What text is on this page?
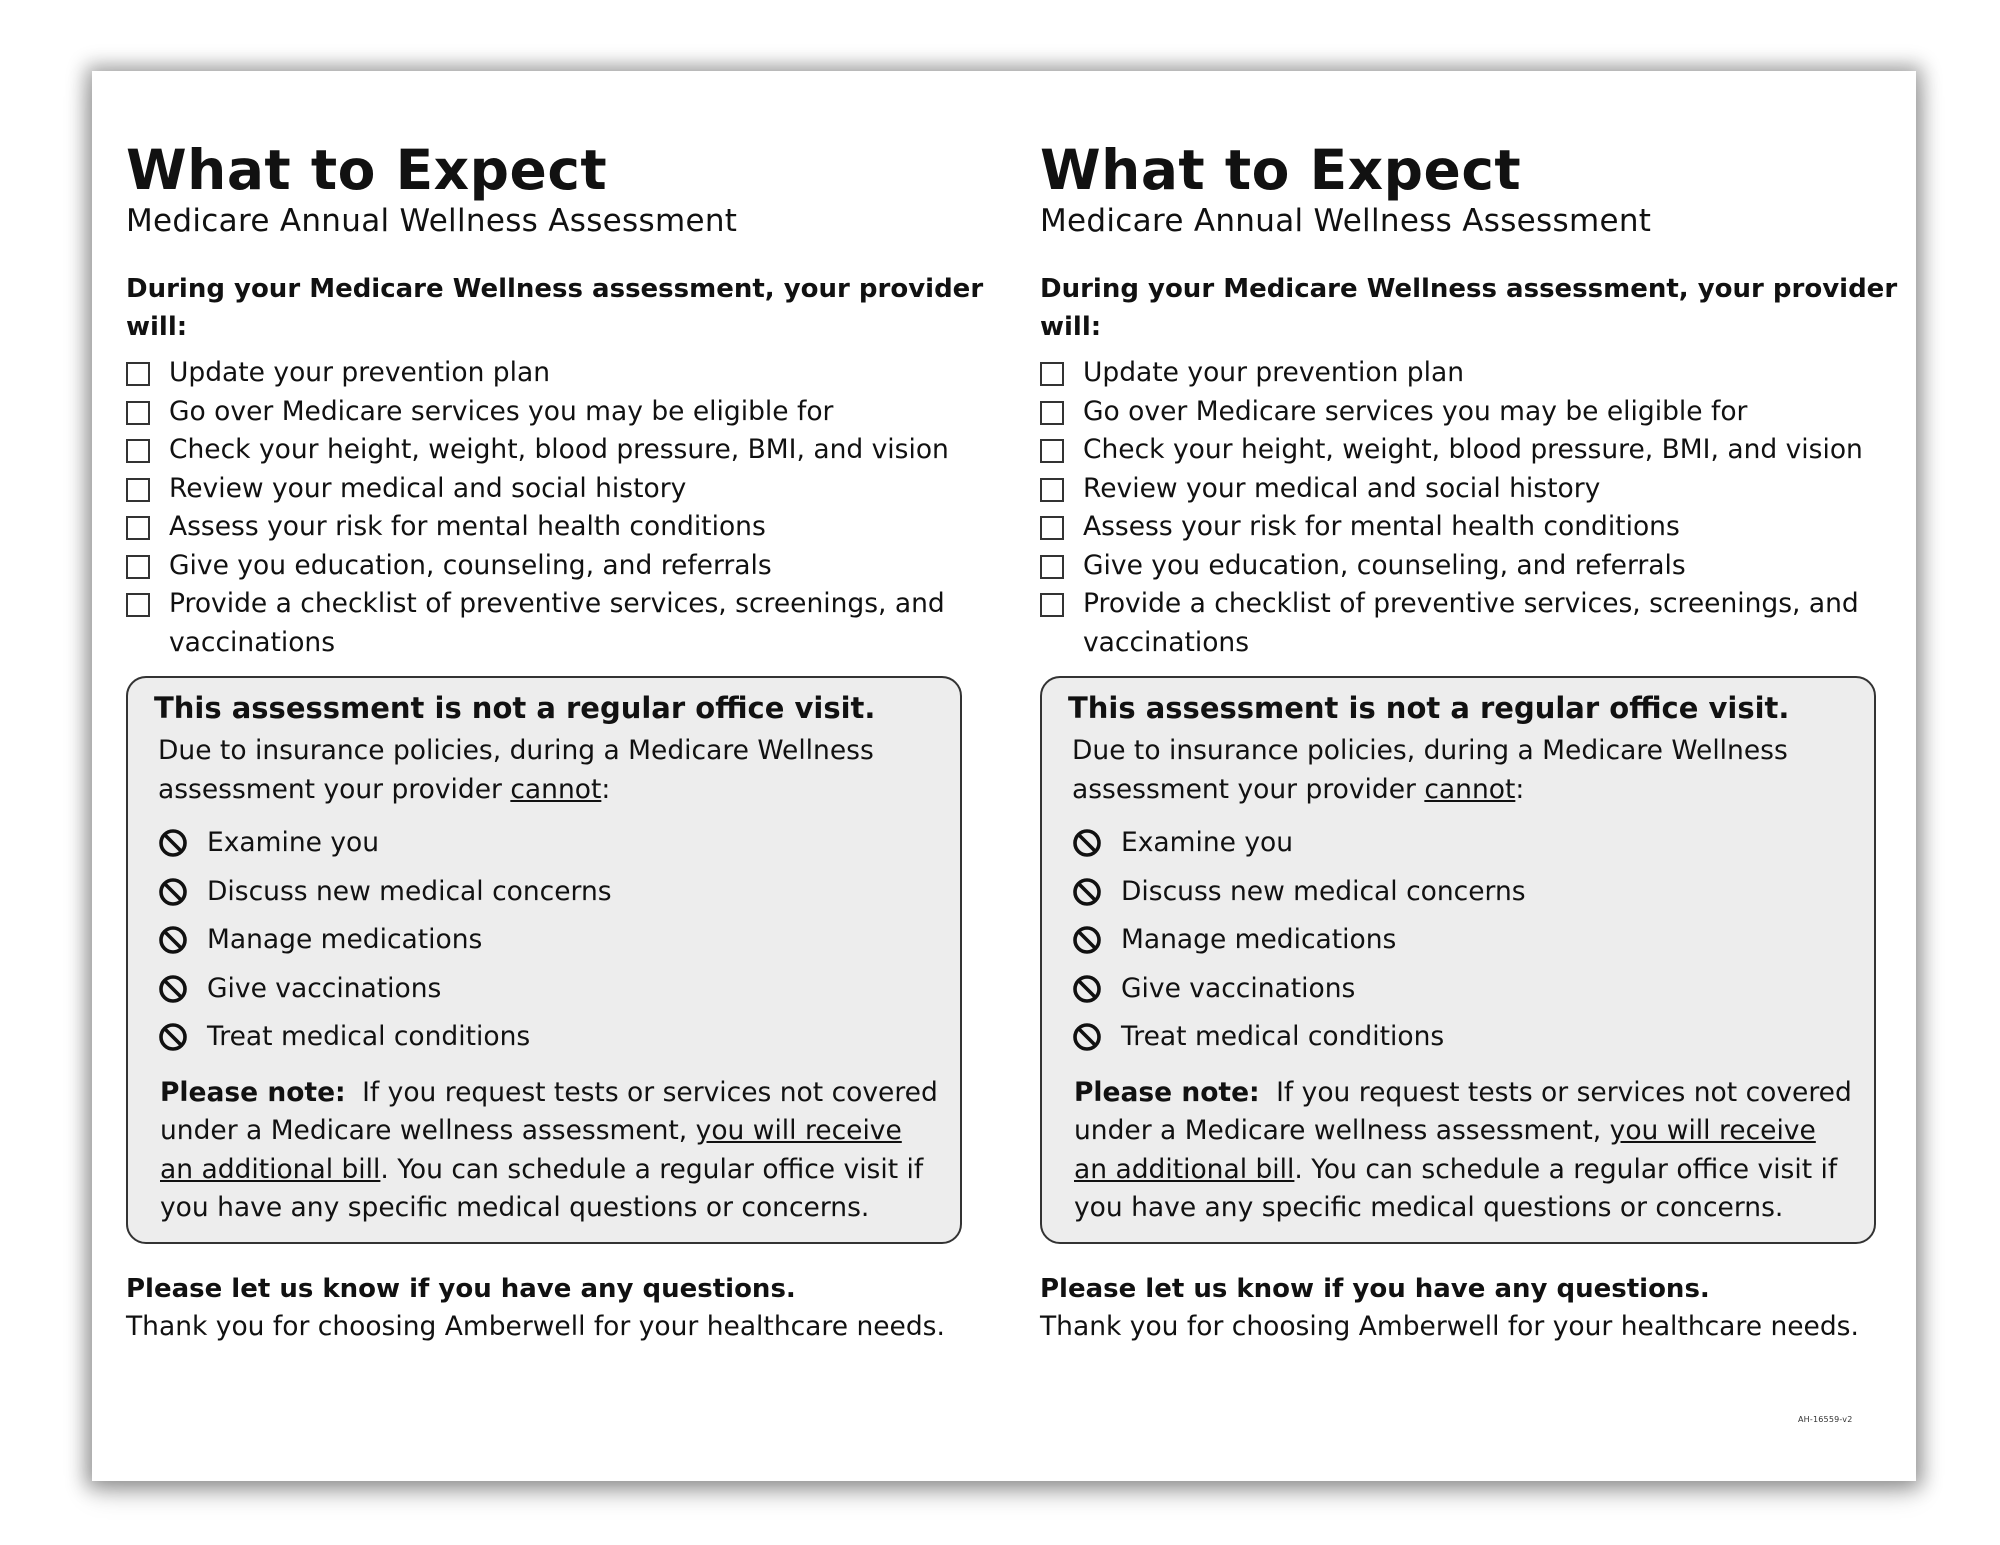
What to Expect

Medicare Annual Wellness Assessment

During your Medicare Wellness assessment, your provider will:

Update your prevention plan
Go over Medicare services you may be eligible for
Check your height, weight, blood pressure, BMI, and vision
Review your medical and social history
Assess your risk for mental health conditions
Give you education, counseling, and referrals
Provide a checklist of preventive services, screenings, and vaccinations

This assessment is not a regular office visit.

Due to insurance policies, during a Medicare Wellness assessment your provider cannot:

Examine you
Discuss new medical concerns
Manage medications
Give vaccinations
Treat medical conditions

Please note: If you request tests or services not covered under a Medicare wellness assessment, you will receive an additional bill. You can schedule a regular office visit if you have any specific medical questions or concerns.

Please let us know if you have any questions.

Thank you for choosing Amberwell for your healthcare needs.

What to Expect

Medicare Annual Wellness Assessment

During your Medicare Wellness assessment, your provider will:

Update your prevention plan
Go over Medicare services you may be eligible for
Check your height, weight, blood pressure, BMI, and vision
Review your medical and social history
Assess your risk for mental health conditions
Give you education, counseling, and referrals
Provide a checklist of preventive services, screenings, and vaccinations

This assessment is not a regular office visit.

Due to insurance policies, during a Medicare Wellness assessment your provider cannot:

Examine you
Discuss new medical concerns
Manage medications
Give vaccinations
Treat medical conditions

Please note: If you request tests or services not covered under a Medicare wellness assessment, you will receive an additional bill. You can schedule a regular office visit if you have any specific medical questions or concerns.

Please let us know if you have any questions.

Thank you for choosing Amberwell for your healthcare needs.

AH-16559-v2
